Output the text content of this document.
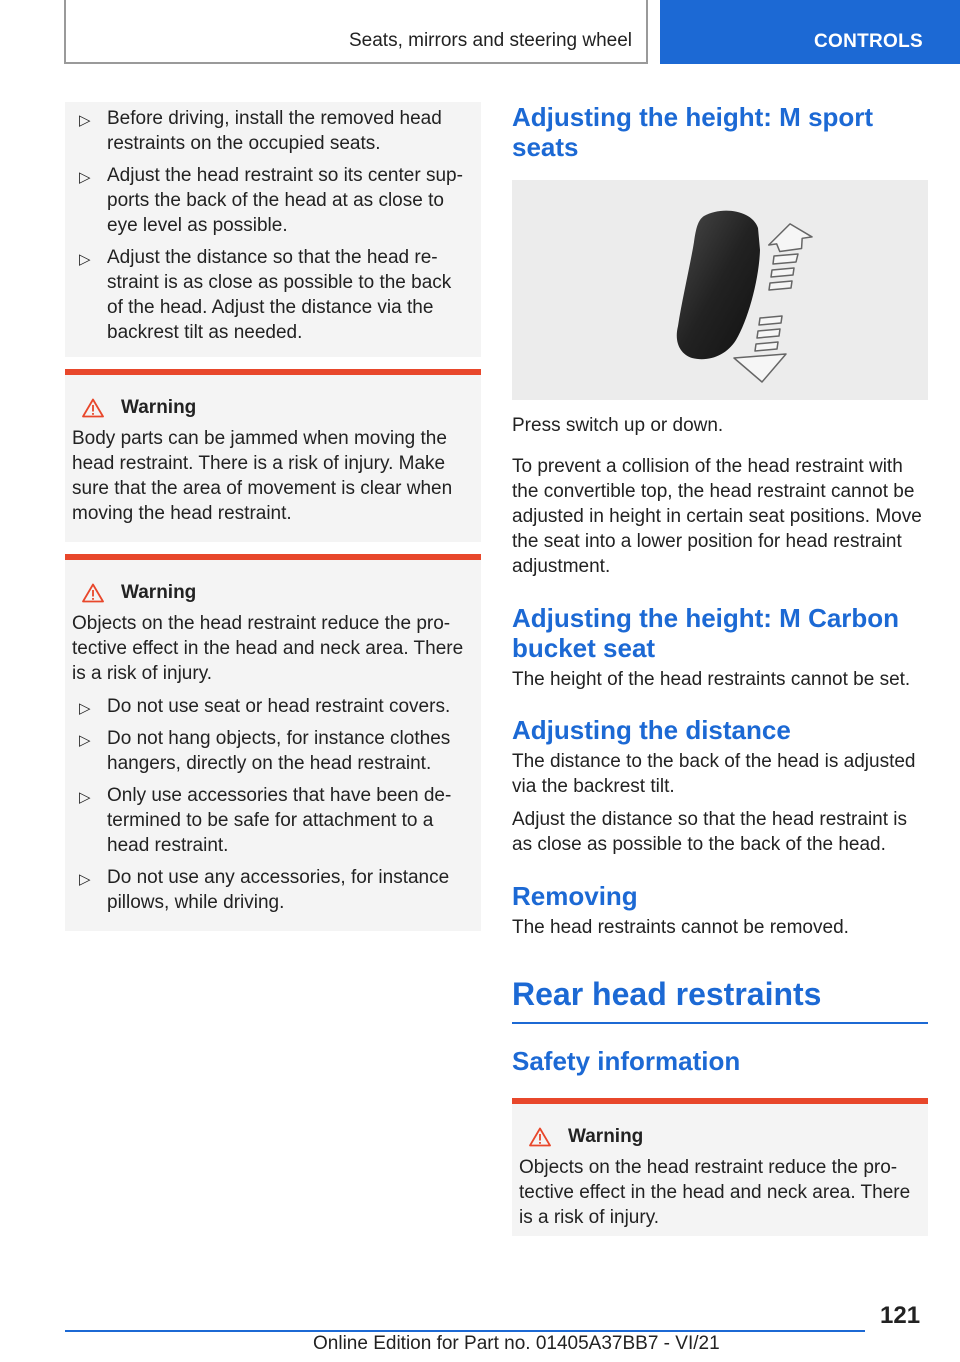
Seats, mirrors and steering wheel	CONTROLS
▷ Before driving, install the removed head restraints on the occupied seats.
▷ Adjust the head restraint so its center sup-ports the back of the head at as close to eye level as possible.
▷ Adjust the distance so that the head re-straint is as close as possible to the back of the head. Adjust the distance via the backrest tilt as needed.
Warning
Body parts can be jammed when moving the head restraint. There is a risk of injury. Make sure that the area of movement is clear when moving the head restraint.
Warning
Objects on the head restraint reduce the pro-tective effect in the head and neck area. There is a risk of injury.
▷ Do not use seat or head restraint covers.
▷ Do not hang objects, for instance clothes hangers, directly on the head restraint.
▷ Only use accessories that have been de-termined to be safe for attachment to a head restraint.
▷ Do not use any accessories, for instance pillows, while driving.
Adjusting the height: M sport seats

Press switch up or down.

To prevent a collision of the head restraint with the convertible top, the head restraint cannot be adjusted in height in certain seat positions. Move the seat into a lower position for head restraint adjustment.

Adjusting the height: M Carbon bucket seat

The height of the head restraints cannot be set.

Adjusting the distance

The distance to the back of the head is adjusted via the backrest tilt.

Adjust the distance so that the head restraint is as close as possible to the back of the head.

Removing

The head restraints cannot be removed.

Rear head restraints
Safety information
Warning
Objects on the head restraint reduce the pro-tective effect in the head and neck area. There is a risk of injury.
121
Online Edition for Part no. 01405A37BB7 - VI/21
